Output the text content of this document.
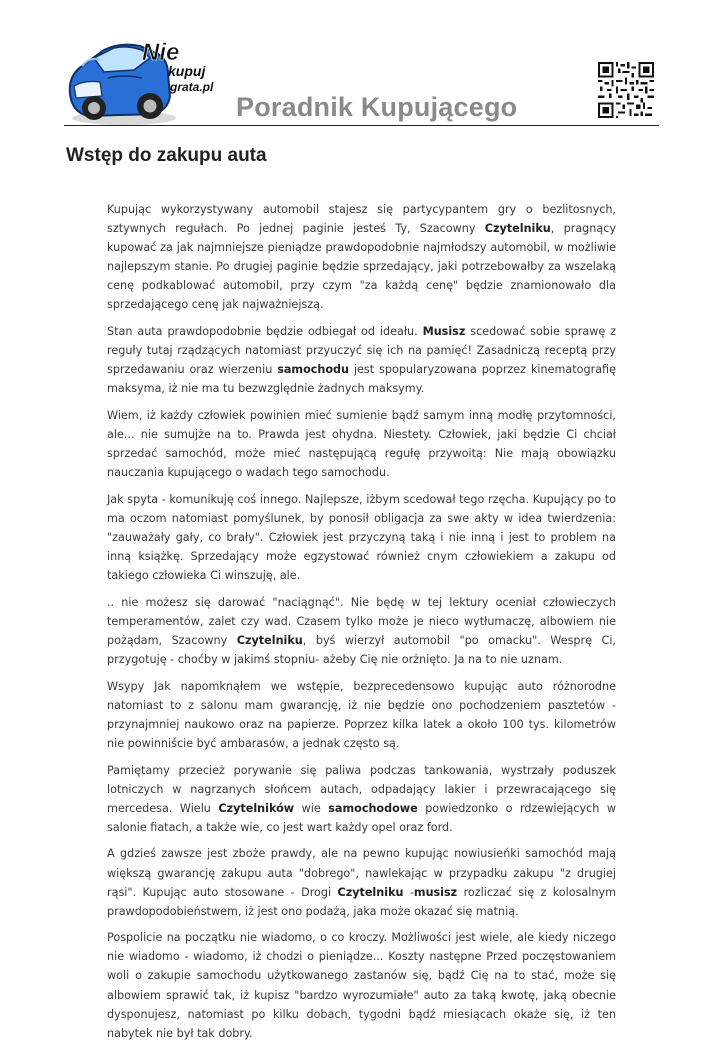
Nie
kupuj
grata.pl
Poradnik Kupującego
Wstęp do zakupu auta

Kupując wykorzystywany automobil stajesz się partycypantem gry o bezlitosnych, sztywnych regułach. Po jednej paginie jesteś Ty, Szacowny Czytelniku, pragnący kupować za jak najmniejsze pieniądze prawdopodobnie najmłodszy automobil, w możliwie najlepszym stanie. Po drugiej paginie będzie sprzedający, jaki potrzebowałby za wszelaką cenę podkablować automobil, przy czym "za każdą cenę" będzie znamionowało dla sprzedającego cenę jak najważniejszą.

Stan auta prawdopodobnie będzie odbiegał od ideału. Musisz scedować sobie sprawę z reguły tutaj rządzących natomiast przyuczyć się ich na pamięć! Zasadniczą receptą przy sprzedawaniu oraz wierzeniu samochodu jest spopularyzowana poprzez kinematografię maksyma, iż nie ma tu bezwzględnie żadnych maksymy.

Wiem, iż każdy człowiek powinien mieć sumienie bądź samym inną modłę przytomności, ale... nie sumujże na to. Prawda jest ohydna. Niestety. Człowiek, jaki będzie Ci chciał sprzedać samochód, może mieć następującą regułę przywoitą: Nie mają obowiązku nauczania kupującego o wadach tego samochodu.

Jak spyta - komunikuję coś innego. Najlepsze, iżbym scedował tego rzęcha. Kupujący po to ma oczom natomiast pomyślunek, by ponosił obligacja za swe akty w idea twierdzenia: "zauważały gały, co brały". Człowiek jest przyczyną taką i nie inną i jest to problem na inną książkę. Sprzedający może egzystować również cnym człowiekiem a zakupu od takiego człowieka Ci winszuję, ale.

.. nie możesz się darować "naciągnąć". Nie będę w tej lektury oceniał człowieczych temperamentów, zalet czy wad. Czasem tylko może je nieco wytłumaczę, albowiem nie pożądam, Szacowny Czytelniku, byś wierzył automobil "po omacku". Wesprę Ci, przygotuję - choćby w jakimś stopniu- ażeby Cię nie orżnięto. Ja na to nie uznam.

Wsypy Jak napomknąłem we wstępie, bezprecedensowo kupując auto różnorodne natomiast to z salonu mam gwarancję, iż nie będzie ono pochodzeniem pasztetów - przynajmniej naukowo oraz na papierze. Poprzez kilka latek a około 100 tys. kilometrów nie powinniście być ambarasów, a jednak często są.

Pamiętamy przecież porywanie się paliwa podczas tankowania, wystrzały poduszek lotniczych w nagrzanych słońcem autach, odpadający lakier i przewracającego się mercedesa. Wielu Czytelników wie samochodowe powiedzonko o rdzewiejących w salonie fiatach, a także wie, co jest wart każdy opel oraz ford.

A gdzieś zawsze jest zboże prawdy, ale na pewno kupując nowiusieńki samochód mają większą gwarancję zakupu auta "dobrego", nawlekając w przypadku zakupu "z drugiej rąsi". Kupując auto stosowane - Drogi Czytelniku -musisz rozliczać się z kolosalnym prawdopodobieństwem, iż jest ono podażą, jaka może okazać się matnią.

Pospolicie na początku nie wiadomo, o co kroczy. Możliwości jest wiele, ale kiedy niczego nie wiadomo - wiadomo, iż chodzi o pieniądze... Koszty następne Przed poczęstowaniem woli o zakupie samochodu użytkowanego zastanów się, bądź Cię na to stać, może się albowiem sprawić tak, iż kupisz "bardzo wyrozumiałe" auto za taką kwotę, jaką obecnie dysponujesz, natomiast po kilku dobach, tygodni bądź miesiącach okaże się, iż ten nabytek nie był tak dobry.
